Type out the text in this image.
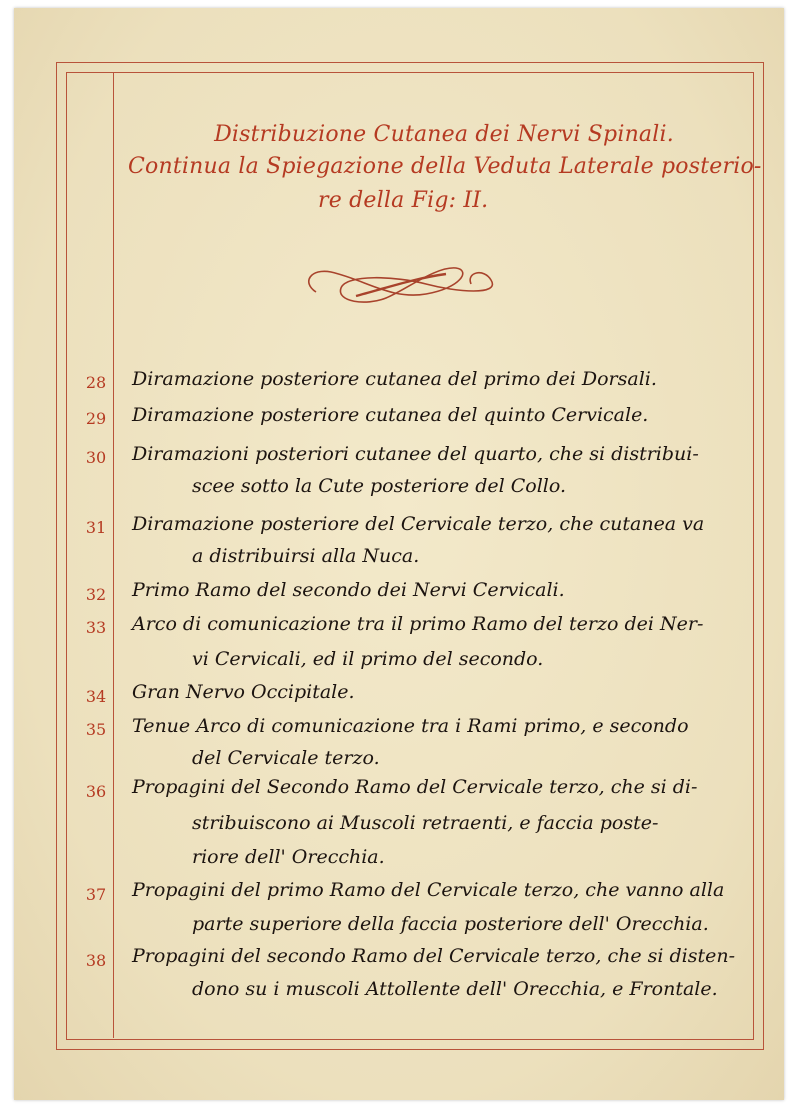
Distribuzione Cutanea dei Nervi Spinali.
Continua la Spiegazione della Veduta Laterale posterio-
re della Fig: II.
28	Diramazione posteriore cutanea del primo dei Dorsali.
29	Diramazione posteriore cutanea del quinto Cervicale.
30	Diramazioni posteriori cutanee del quarto, che si distribui-
scee sotto la Cute posteriore del Collo.
31	Diramazione posteriore del Cervicale terzo, che cutanea va
a distribuirsi alla Nuca.
32	Primo Ramo del secondo dei Nervi Cervicali.
33	Arco di comunicazione tra il primo Ramo del terzo dei Ner-
vi Cervicali, ed il primo del secondo.
34	Gran Nervo Occipitale.
35	Tenue Arco di comunicazione tra i Rami primo, e secondo
del Cervicale terzo.
36	Propagini del Secondo Ramo del Cervicale terzo, che si di-
stribuiscono ai Muscoli retraenti, e faccia poste-
riore dell' Orecchia.
37	Propagini del primo Ramo del Cervicale terzo, che vanno alla
parte superiore della faccia posteriore dell' Orecchia.
38	Propagini del secondo Ramo del Cervicale terzo, che si disten-
dono su i muscoli Attollente dell' Orecchia, e Frontale.
